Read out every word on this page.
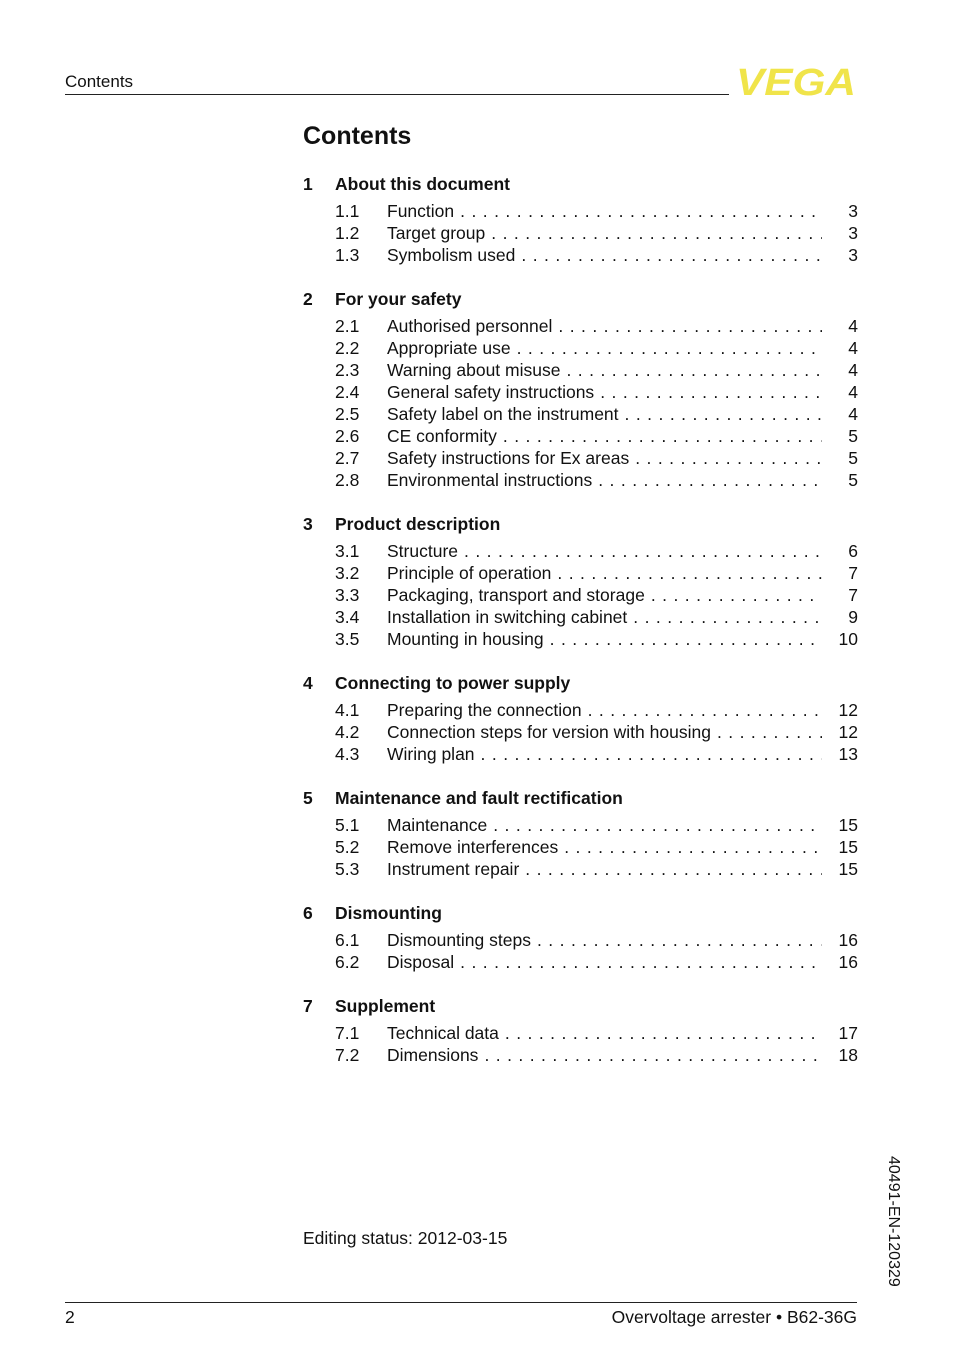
Contents	VEGA
Contents
1	About this document
1.1	Function . . .	3
1.2	Target group . . .	3
1.3	Symbolism used . . .	3
2	For your safety
2.1	Authorised personnel . . .	4
2.2	Appropriate use . . .	4
2.3	Warning about misuse . . .	4
2.4	General safety instructions . . .	4
2.5	Safety label on the instrument . . .	4
2.6	CE conformity . . .	5
2.7	Safety instructions for Ex areas . . .	5
2.8	Environmental instructions . . .	5
3	Product description
3.1	Structure . . .	6
3.2	Principle of operation . . .	7
3.3	Packaging, transport and storage . . .	7
3.4	Installation in switching cabinet . . .	9
3.5	Mounting in housing . . .	10
4	Connecting to power supply
4.1	Preparing the connection . . .	12
4.2	Connection steps for version with housing . . .	12
4.3	Wiring plan . . .	13
5	Maintenance and fault rectification
5.1	Maintenance . . .	15
5.2	Remove interferences . . .	15
5.3	Instrument repair . . .	15
6	Dismounting
6.1	Dismounting steps . . .	16
6.2	Disposal . . .	16
7	Supplement
7.1	Technical data . . .	17
7.2	Dimensions . . .	18
Editing status: 2012-03-15	40491-EN-120329
2	Overvoltage arrester • B62-36G
